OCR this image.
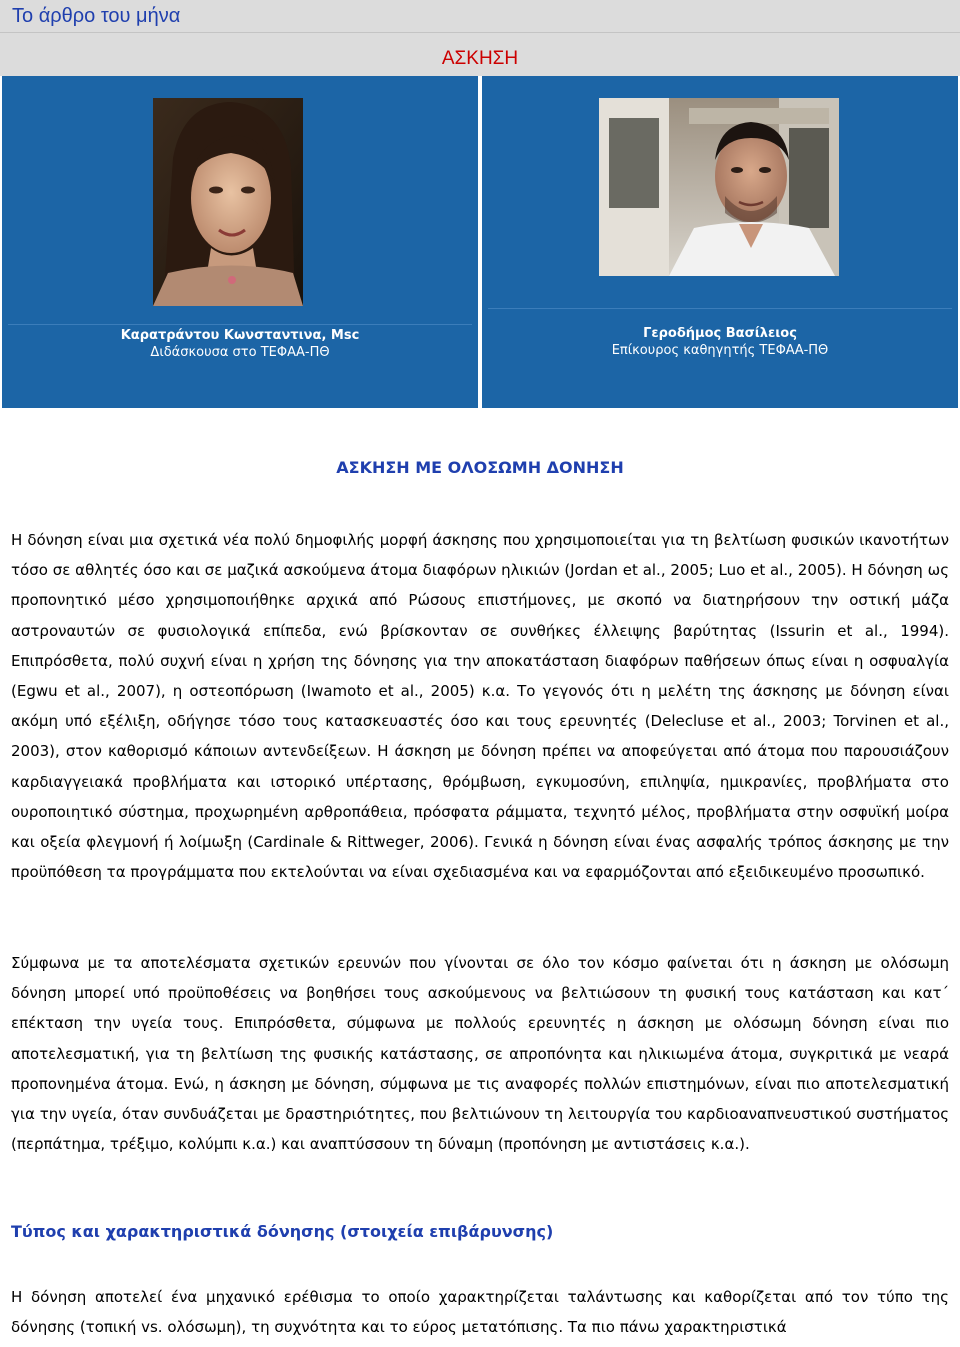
Το άρθρο του μήνα
ΑΣΚΗΣΗ
Καρατράντου Κωνσταντινα, Msc
Διδάσκουσα στο ΤΕΦΑΑ-ΠΘ
Γεροδήμος Βασίλειος
Επίκουρος καθηγητής ΤΕΦΑΑ-ΠΘ
ΑΣΚΗΣΗ ΜΕ ΟΛΟΣΩΜΗ ΔΟΝΗΣΗ

Η δόνηση είναι μια σχετικά νέα πολύ δημοφιλής μορφή άσκησης που χρησιμοποιείται για τη βελτίωση φυσικών ικανοτήτων τόσο σε αθλητές όσο και σε μαζικά ασκούμενα άτομα διαφόρων ηλικιών (Jordan et al., 2005; Luo et al., 2005). Η δόνηση ως προπονητικό μέσο χρησιμοποιήθηκε αρχικά από Ρώσους επιστήμονες, με σκοπό να διατηρήσουν την οστική μάζα αστροναυτών σε φυσιολογικά επίπεδα, ενώ βρίσκονταν σε συνθήκες έλλειψης βαρύτητας (Issurin et al., 1994). Επιπρόσθετα, πολύ συχνή είναι η χρήση της δόνησης για την αποκατάσταση διαφόρων παθήσεων όπως είναι η οσφυαλγία (Egwu et al., 2007), η οστεοπόρωση (Iwamoto et al., 2005) κ.α. Το γεγονός ότι η μελέτη της άσκησης με δόνηση είναι ακόμη υπό εξέλιξη, οδήγησε τόσο τους κατασκευαστές όσο και τους ερευνητές (Delecluse et al., 2003; Torvinen et al., 2003), στον καθορισμό κάποιων αντενδείξεων. Η άσκηση με δόνηση πρέπει να αποφεύγεται από άτομα που παρουσιάζουν καρδιαγγειακά προβλήματα και ιστορικό υπέρτασης, θρόμβωση, εγκυμοσύνη, επιληψία, ημικρανίες, προβλήματα στο ουροποιητικό σύστημα, προχωρημένη αρθροπάθεια, πρόσφατα ράμματα, τεχνητό μέλος, προβλήματα στην οσφυϊκή μοίρα και οξεία φλεγμονή ή λοίμωξη (Cardinale & Rittweger, 2006). Γενικά η δόνηση είναι ένας ασφαλής τρόπος άσκησης με την προϋπόθεση τα προγράμματα που εκτελούνται να είναι σχεδιασμένα και να εφαρμόζονται από εξειδικευμένο προσωπικό.

Σύμφωνα με τα αποτελέσματα σχετικών ερευνών που γίνονται σε όλο τον κόσμο φαίνεται ότι η άσκηση με ολόσωμη δόνηση μπορεί υπό προϋποθέσεις να βοηθήσει τους ασκούμενους να βελτιώσουν τη φυσική τους κατάσταση και κατ΄ επέκταση την υγεία τους. Επιπρόσθετα, σύμφωνα με πολλούς ερευνητές η άσκηση με ολόσωμη δόνηση είναι πιο αποτελεσματική, για τη βελτίωση της φυσικής κατάστασης, σε απροπόνητα και ηλικιωμένα άτομα, συγκριτικά με νεαρά προπονημένα άτομα. Ενώ, η άσκηση με δόνηση, σύμφωνα με τις αναφορές πολλών επιστημόνων, είναι πιο αποτελεσματική για την υγεία, όταν συνδυάζεται με δραστηριότητες, που βελτιώνουν τη λειτουργία του καρδιοαναπνευστικού συστήματος (περπάτημα, τρέξιμο, κολύμπι κ.α.) και αναπτύσσουν τη δύναμη (προπόνηση με αντιστάσεις κ.α.).

Τύπος και χαρακτηριστικά δόνησης (στοιχεία επιβάρυνσης)

Η δόνηση αποτελεί ένα μηχανικό ερέθισμα το οποίο χαρακτηρίζεται ταλάντωσης και καθορίζεται από τον τύπο της δόνησης (τοπική vs. ολόσωμη), τη συχνότητα και το εύρος μετατόπισης. Τα πιο πάνω χαρακτηριστικά
